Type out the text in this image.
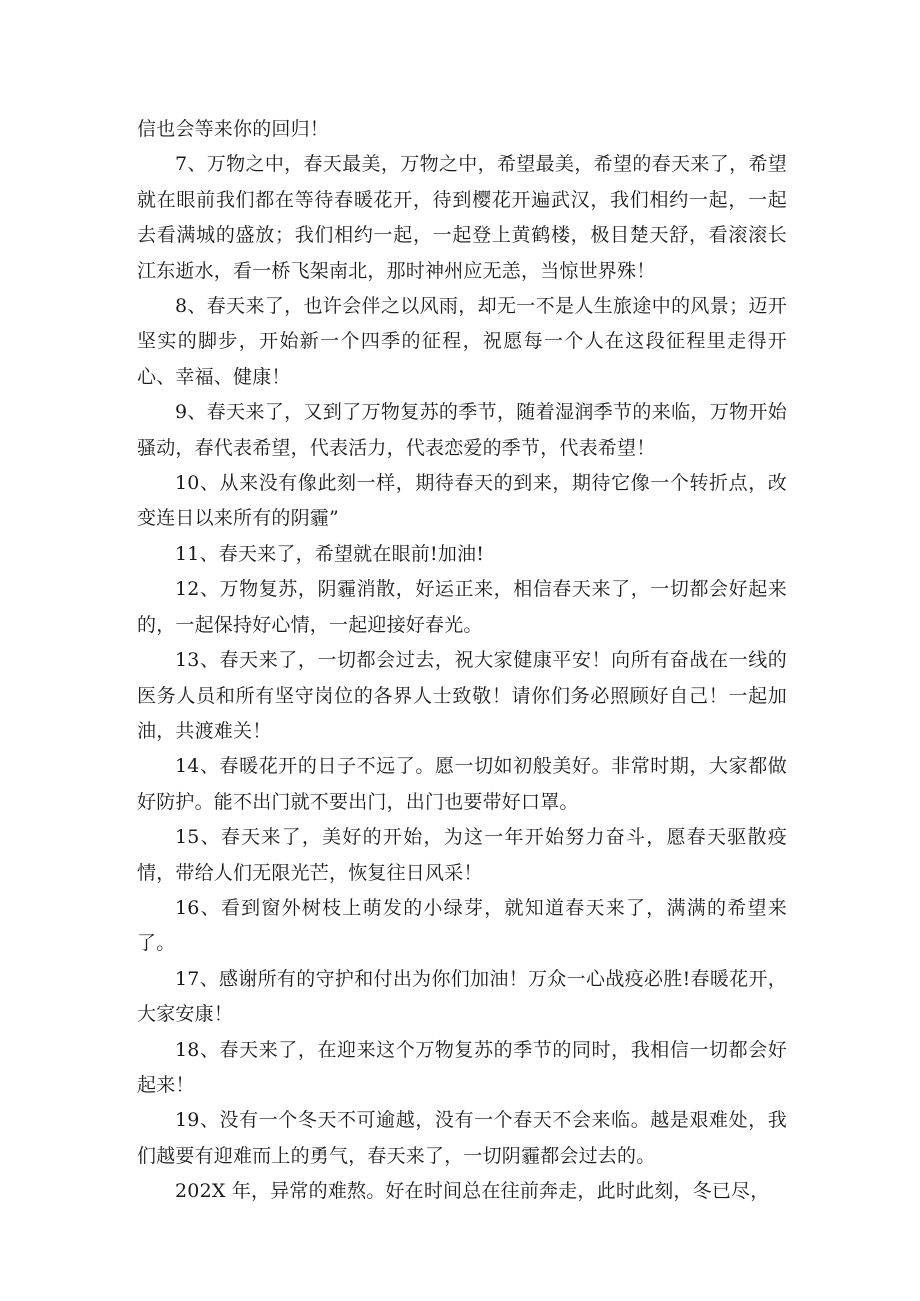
信也会等来你的回归！

7、万物之中，春天最美，万物之中，希望最美，希望的春天来了，希望就在眼前我们都在等待春暖花开，待到樱花开遍武汉，我们相约一起，一起去看满城的盛放；我们相约一起，一起登上黄鹤楼，极目楚天舒，看滚滚长江东逝水，看一桥飞架南北，那时神州应无恙，当惊世界殊！

8、春天来了，也许会伴之以风雨，却无一不是人生旅途中的风景；迈开坚实的脚步，开始新一个四季的征程，祝愿每一个人在这段征程里走得开心、幸福、健康！

9、春天来了，又到了万物复苏的季节，随着湿润季节的来临，万物开始骚动，春代表希望，代表活力，代表恋爱的季节，代表希望！

10、从来没有像此刻一样，期待春天的到来，期待它像一个转折点，改变连日以来所有的阴霾”

11、春天来了，希望就在眼前!加油!

12、万物复苏，阴霾消散，好运正来，相信春天来了，一切都会好起来的，一起保持好心情，一起迎接好春光。

13、春天来了，一切都会过去，祝大家健康平安！向所有奋战在一线的医务人员和所有坚守岗位的各界人士致敬！请你们务必照顾好自己！一起加油，共渡难关！

14、春暖花开的日子不远了。愿一切如初般美好。非常时期，大家都做好防护。能不出门就不要出门，出门也要带好口罩。

15、春天来了，美好的开始，为这一年开始努力奋斗，愿春天驱散疫情，带给人们无限光芒，恢复往日风采！

16、看到窗外树枝上萌发的小绿芽，就知道春天来了，满满的希望来了。

17、感谢所有的守护和付出为你们加油！万众一心战疫必胜!春暖花开，大家安康！

18、春天来了，在迎来这个万物复苏的季节的同时，我相信一切都会好起来！

19、没有一个冬天不可逾越，没有一个春天不会来临。越是艰难处，我们越要有迎难而上的勇气，春天来了，一切阴霾都会过去的。

202X 年，异常的难熬。好在时间总在往前奔走，此时此刻，冬已尽，
